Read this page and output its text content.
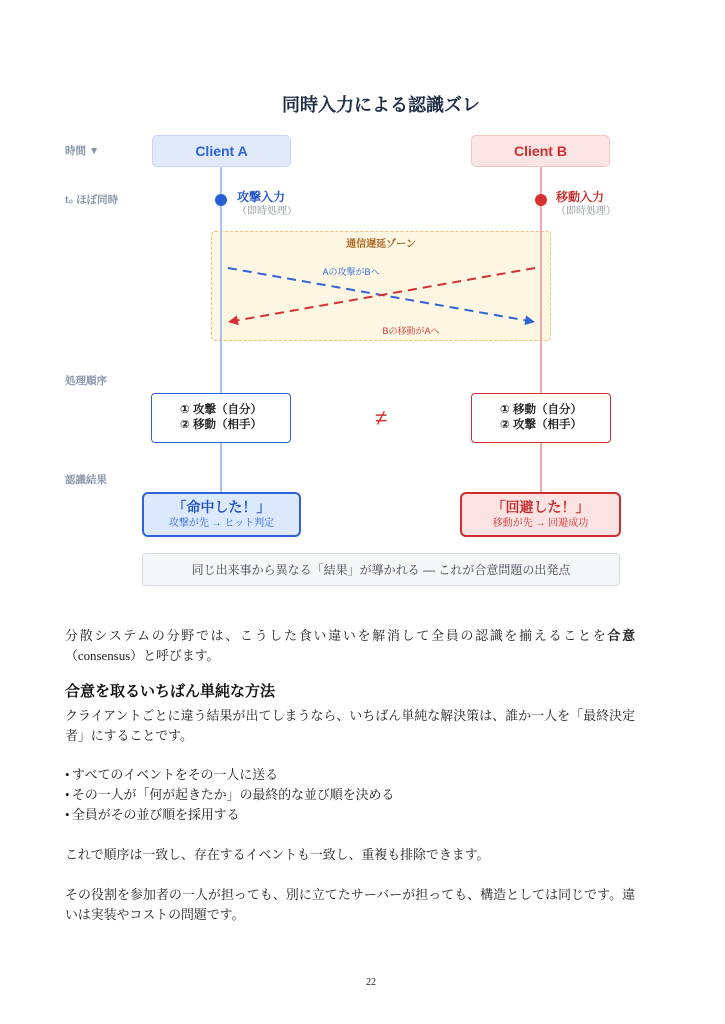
同時入力による認識ズレ
時間 ▼
t₀ ほぼ同時
処理順序
認識結果
通信遅延ゾーン
Client A	Client B
攻撃入力
（即時処理）
移動入力
（即時処理）
Aの攻撃がBへ
Bの移動がAへ
① 攻撃（自分）
② 移動（相手）	≠	① 移動（自分）
② 攻撃（相手）
「命中した！」
攻撃が先 → ヒット判定
「回避した！」
移動が先 → 回避成功
同じ出来事から異なる「結果」が導かれる — これが合意問題の出発点

分散システムの分野では、こうした食い違いを解消して全員の認識を揃えることを合意（consensus）と呼びます。

合意を取るいちばん単純な方法

クライアントごとに違う結果が出てしまうなら、いちばん単純な解決策は、誰か一人を「最終決定者」にすることです。

• すべてのイベントをその一人に送る
• その一人が「何が起きたか」の最終的な並び順を決める
• 全員がその並び順を採用する

これで順序は一致し、存在するイベントも一致し、重複も排除できます。

その役割を参加者の一人が担っても、別に立てたサーバーが担っても、構造としては同じです。違いは実装やコストの問題です。

22
